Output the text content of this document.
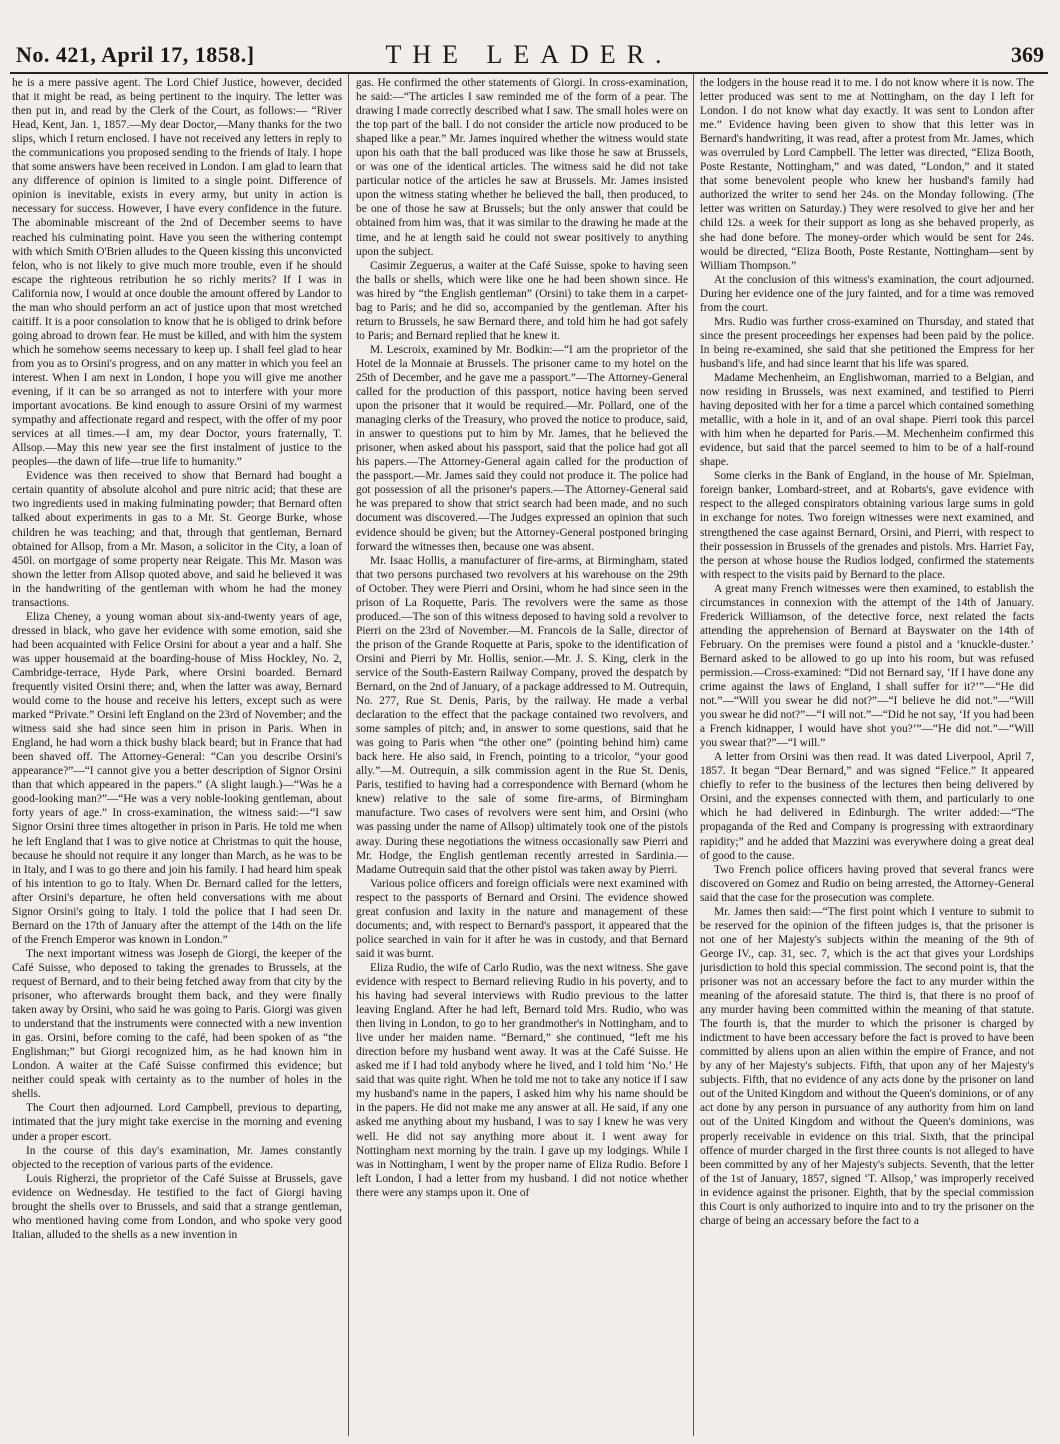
No. 421, April 17, 1858.]	THE LEADER.	369

he is a mere passive agent. The Lord Chief Justice, however, decided that it might be read, as being pertinent to the inquiry. The letter was then put in, and read by the Clerk of the Court, as follows:— “River Head, Kent, Jan. 1, 1857.—My dear Doctor,—Many thanks for the two slips, which I return enclosed. I have not received any letters in reply to the communications you proposed sending to the friends of Italy. I hope that some answers have been received in London. I am glad to learn that any difference of opinion is limited to a single point. Difference of opinion is inevitable, exists in every army, but unity in action is necessary for success. However, I have every confidence in the future. The abominable miscreant of the 2nd of December seems to have reached his culminating point. Have you seen the withering contempt with which Smith O'Brien alludes to the Queen kissing this unconvicted felon, who is not likely to give much more trouble, even if he should escape the righteous retribution he so richly merits? If I was in California now, I would at once double the amount offered by Landor to the man who should perform an act of justice upon that most wretched caitiff. It is a poor consolation to know that he is obliged to drink before going abroad to drown fear. He must be killed, and with him the system which he somehow seems necessary to keep up. I shall feel glad to hear from you as to Orsini's progress, and on any matter in which you feel an interest. When I am next in London, I hope you will give me another evening, if it can be so arranged as not to interfere with your more important avocations. Be kind enough to assure Orsini of my warmest sympathy and affectionate regard and respect, with the offer of my poor services at all times.—I am, my dear Doctor, yours fraternally, T. Allsop.—May this new year see the first instalment of justice to the peoples—the dawn of life—true life to humanity.”

Evidence was then received to show that Bernard had bought a certain quantity of absolute alcohol and pure nitric acid; that these are two ingredients used in making fulminating powder; that Bernard often talked about experiments in gas to a Mr. St. George Burke, whose children he was teaching; and that, through that gentleman, Bernard obtained for Allsop, from a Mr. Mason, a solicitor in the City, a loan of 450l. on mortgage of some property near Reigate. This Mr. Mason was shown the letter from Allsop quoted above, and said he believed it was in the handwriting of the gentleman with whom he had the money transactions.

Eliza Cheney, a young woman about six-and-twenty years of age, dressed in black, who gave her evidence with some emotion, said she had been acquainted with Felice Orsini for about a year and a half. She was upper housemaid at the boarding-house of Miss Hockley, No. 2, Cambridge-terrace, Hyde Park, where Orsini boarded. Bernard frequently visited Orsini there; and, when the latter was away, Bernard would come to the house and receive his letters, except such as were marked “Private.” Orsini left England on the 23rd of November; and the witness said she had since seen him in prison in Paris. When in England, he had worn a thick bushy black beard; but in France that had been shaved off. The Attorney-General: “Can you describe Orsini's appearance?”—“I cannot give you a better description of Signor Orsini than that which appeared in the papers.” (A slight laugh.)—“Was he a good-looking man?”—“He was a very noble-looking gentleman, about forty years of age.” In cross-examination, the witness said:—“I saw Signor Orsini three times altogether in prison in Paris. He told me when he left England that I was to give notice at Christmas to quit the house, because he should not require it any longer than March, as he was to be in Italy, and I was to go there and join his family. I had heard him speak of his intention to go to Italy. When Dr. Bernard called for the letters, after Orsini's departure, he often held conversations with me about Signor Orsini's going to Italy. I told the police that I had seen Dr. Bernard on the 17th of January after the attempt of the 14th on the life of the French Emperor was known in London.”

The next important witness was Joseph de Giorgi, the keeper of the Café Suisse, who deposed to taking the grenades to Brussels, at the request of Bernard, and to their being fetched away from that city by the prisoner, who afterwards brought them back, and they were finally taken away by Orsini, who said he was going to Paris. Giorgi was given to understand that the instruments were connected with a new invention in gas. Orsini, before coming to the café, had been spoken of as “the Englishman;” but Giorgi recognized him, as he had known him in London. A waiter at the Café Suisse confirmed this evidence; but neither could speak with certainty as to the number of holes in the shells.

The Court then adjourned. Lord Campbell, previous to departing, intimated that the jury might take exercise in the morning and evening under a proper escort.

In the course of this day's examination, Mr. James constantly objected to the reception of various parts of the evidence.

Louis Righerzi, the proprietor of the Café Suisse at Brussels, gave evidence on Wednesday. He testified to the fact of Giorgi having brought the shells over to Brussels, and said that a strange gentleman, who mentioned having come from London, and who spoke very good Italian, alluded to the shells as a new invention in

gas. He confirmed the other statements of Giorgi. In cross-examination, he said:—“The articles I saw reminded me of the form of a pear. The drawing I made correctly described what I saw. The small holes were on the top part of the ball. I do not consider the article now produced to be shaped like a pear.” Mr. James inquired whether the witness would state upon his oath that the ball produced was like those he saw at Brussels, or was one of the identical articles. The witness said he did not take particular notice of the articles he saw at Brussels. Mr. James insisted upon the witness stating whether he believed the ball, then produced, to be one of those he saw at Brussels; but the only answer that could be obtained from him was, that it was similar to the drawing he made at the time, and he at length said he could not swear positively to anything upon the subject.

Casimir Zeguerus, a waiter at the Café Suisse, spoke to having seen the balls or shells, which were like one he had been shown since. He was hired by “the English gentleman” (Orsini) to take them in a carpet-bag to Paris; and he did so, accompanied by the gentleman. After his return to Brussels, he saw Bernard there, and told him he had got safely to Paris; and Bernard replied that he knew it.

M. Lescroix, examined by Mr. Bodkin:—“I am the proprietor of the Hotel de la Monnaie at Brussels. The prisoner came to my hotel on the 25th of December, and he gave me a passport.”—The Attorney-General called for the production of this passport, notice having been served upon the prisoner that it would be required.—Mr. Pollard, one of the managing clerks of the Treasury, who proved the notice to produce, said, in answer to questions put to him by Mr. James, that he believed the prisoner, when asked about his passport, said that the police had got all his papers.—The Attorney-General again called for the production of the passport.—Mr. James said they could not produce it. The police had got possession of all the prisoner's papers.—The Attorney-General said he was prepared to show that strict search had been made, and no such document was discovered.—The Judges expressed an opinion that such evidence should be given; but the Attorney-General postponed bringing forward the witnesses then, because one was absent.

Mr. Isaac Hollis, a manufacturer of fire-arms, at Birmingham, stated that two persons purchased two revolvers at his warehouse on the 29th of October. They were Pierri and Orsini, whom he had since seen in the prison of La Roquette, Paris. The revolvers were the same as those produced.—The son of this witness deposed to having sold a revolver to Pierri on the 23rd of November.—M. Francois de la Salle, director of the prison of the Grande Roquette at Paris, spoke to the identification of Orsini and Pierri by Mr. Hollis, senior.—Mr. J. S. King, clerk in the service of the South-Eastern Railway Company, proved the despatch by Bernard, on the 2nd of January, of a package addressed to M. Outrequin, No. 277, Rue St. Denis, Paris, by the railway. He made a verbal declaration to the effect that the package contained two revolvers, and some samples of pitch; and, in answer to some questions, said that he was going to Paris when “the other one” (pointing behind him) came back here. He also said, in French, pointing to a tricolor, “your good ally.”—M. Outrequin, a silk commission agent in the Rue St. Denis, Paris, testified to having had a correspondence with Bernard (whom he knew) relative to the sale of some fire-arms, of Birmingham manufacture. Two cases of revolvers were sent him, and Orsini (who was passing under the name of Allsop) ultimately took one of the pistols away. During these negotiations the witness occasionally saw Pierri and Mr. Hodge, the English gentleman recently arrested in Sardinia.—Madame Outrequin said that the other pistol was taken away by Pierri.

Various police officers and foreign officials were next examined with respect to the passports of Bernard and Orsini. The evidence showed great confusion and laxity in the nature and management of these documents; and, with respect to Bernard's passport, it appeared that the police searched in vain for it after he was in custody, and that Bernard said it was burnt.

Eliza Rudio, the wife of Carlo Rudio, was the next witness. She gave evidence with respect to Bernard relieving Rudio in his poverty, and to his having had several interviews with Rudio previous to the latter leaving England. After he had left, Bernard told Mrs. Rudio, who was then living in London, to go to her grandmother's in Nottingham, and to live under her maiden name. “Bernard,” she continued, “left me his direction before my husband went away. It was at the Café Suisse. He asked me if I had told anybody where he lived, and I told him ‘No.’ He said that was quite right. When he told me not to take any notice if I saw my husband's name in the papers, I asked him why his name should be in the papers. He did not make me any answer at all. He said, if any one asked me anything about my husband, I was to say I knew he was very well. He did not say anything more about it. I went away for Nottingham next morning by the train. I gave up my lodgings. While I was in Nottingham, I went by the proper name of Eliza Rudio. Before I left London, I had a letter from my husband. I did not notice whether there were any stamps upon it. One of

the lodgers in the house read it to me. I do not know where it is now. The letter produced was sent to me at Nottingham, on the day I left for London. I do not know what day exactly. It was sent to London after me.” Evidence having been given to show that this letter was in Bernard's handwriting, it was read, after a protest from Mr. James, which was overruled by Lord Campbell. The letter was directed, “Eliza Booth, Poste Restante, Nottingham,” and was dated, “London,” and it stated that some benevolent people who knew her husband's family had authorized the writer to send her 24s. on the Monday following. (The letter was written on Saturday.) They were resolved to give her and her child 12s. a week for their support as long as she behaved properly, as she had done before. The money-order which would be sent for 24s. would be directed, “Eliza Booth, Poste Restante, Nottingham—sent by William Thompson.”

At the conclusion of this witness's examination, the court adjourned. During her evidence one of the jury fainted, and for a time was removed from the court.

Mrs. Rudio was further cross-examined on Thursday, and stated that since the present proceedings her expenses had been paid by the police. In being re-examined, she said that she petitioned the Empress for her husband's life, and had since learnt that his life was spared.

Madame Mechenheim, an Englishwoman, married to a Belgian, and now residing in Brussels, was next examined, and testified to Pierri having deposited with her for a time a parcel which contained something metallic, with a hole in it, and of an oval shape. Pierri took this parcel with him when he departed for Paris.—M. Mechenheim confirmed this evidence, but said that the parcel seemed to him to be of a half-round shape.

Some clerks in the Bank of England, in the house of Mr. Spielman, foreign banker, Lombard-street, and at Robarts's, gave evidence with respect to the alleged conspirators obtaining various large sums in gold in exchange for notes. Two foreign witnesses were next examined, and strengthened the case against Bernard, Orsini, and Pierri, with respect to their possession in Brussels of the grenades and pistols. Mrs. Harriet Fay, the person at whose house the Rudios lodged, confirmed the statements with respect to the visits paid by Bernard to the place.

A great many French witnesses were then examined, to establish the circumstances in connexion with the attempt of the 14th of January. Frederick Williamson, of the detective force, next related the facts attending the apprehension of Bernard at Bayswater on the 14th of February. On the premises were found a pistol and a ‘knuckle-duster.’ Bernard asked to be allowed to go up into his room, but was refused permission.—Cross-examined: “Did not Bernard say, ‘If I have done any crime against the laws of England, I shall suffer for it?’”—“He did not.”—“Will you swear he did not?”—“I believe he did not.”—“Will you swear he did not?”—“I will not.”—“Did he not say, ‘If you had been a French kidnapper, I would have shot you?’”—“He did not.”—“Will you swear that?”—“I will.”

A letter from Orsini was then read. It was dated Liverpool, April 7, 1857. It began “Dear Bernard,” and was signed “Felice.” It appeared chiefly to refer to the business of the lectures then being delivered by Orsini, and the expenses connected with them, and particularly to one which he had delivered in Edinburgh. The writer added:—“The propaganda of the Red and Company is progressing with extraordinary rapidity;” and he added that Mazzini was everywhere doing a great deal of good to the cause.

Two French police officers having proved that several francs were discovered on Gomez and Rudio on being arrested, the Attorney-General said that the case for the prosecution was complete.

Mr. James then said:—“The first point which I venture to submit to be reserved for the opinion of the fifteen judges is, that the prisoner is not one of her Majesty's subjects within the meaning of the 9th of George IV., cap. 31, sec. 7, which is the act that gives your Lordships jurisdiction to hold this special commission. The second point is, that the prisoner was not an accessary before the fact to any murder within the meaning of the aforesaid statute. The third is, that there is no proof of any murder having been committed within the meaning of that statute. The fourth is, that the murder to which the prisoner is charged by indictment to have been accessary before the fact is proved to have been committed by aliens upon an alien within the empire of France, and not by any of her Majesty's subjects. Fifth, that upon any of her Majesty's subjects. Fifth, that no evidence of any acts done by the prisoner on land out of the United Kingdom and without the Queen's dominions, or of any act done by any person in pursuance of any authority from him on land out of the United Kingdom and without the Queen's dominions, was properly receivable in evidence on this trial. Sixth, that the principal offence of murder charged in the first three counts is not alleged to have been committed by any of her Majesty's subjects. Seventh, that the letter of the 1st of January, 1857, signed ‘T. Allsop,’ was improperly received in evidence against the prisoner. Eighth, that by the special commission this Court is only authorized to inquire into and to try the prisoner on the charge of being an accessary before the fact to a
